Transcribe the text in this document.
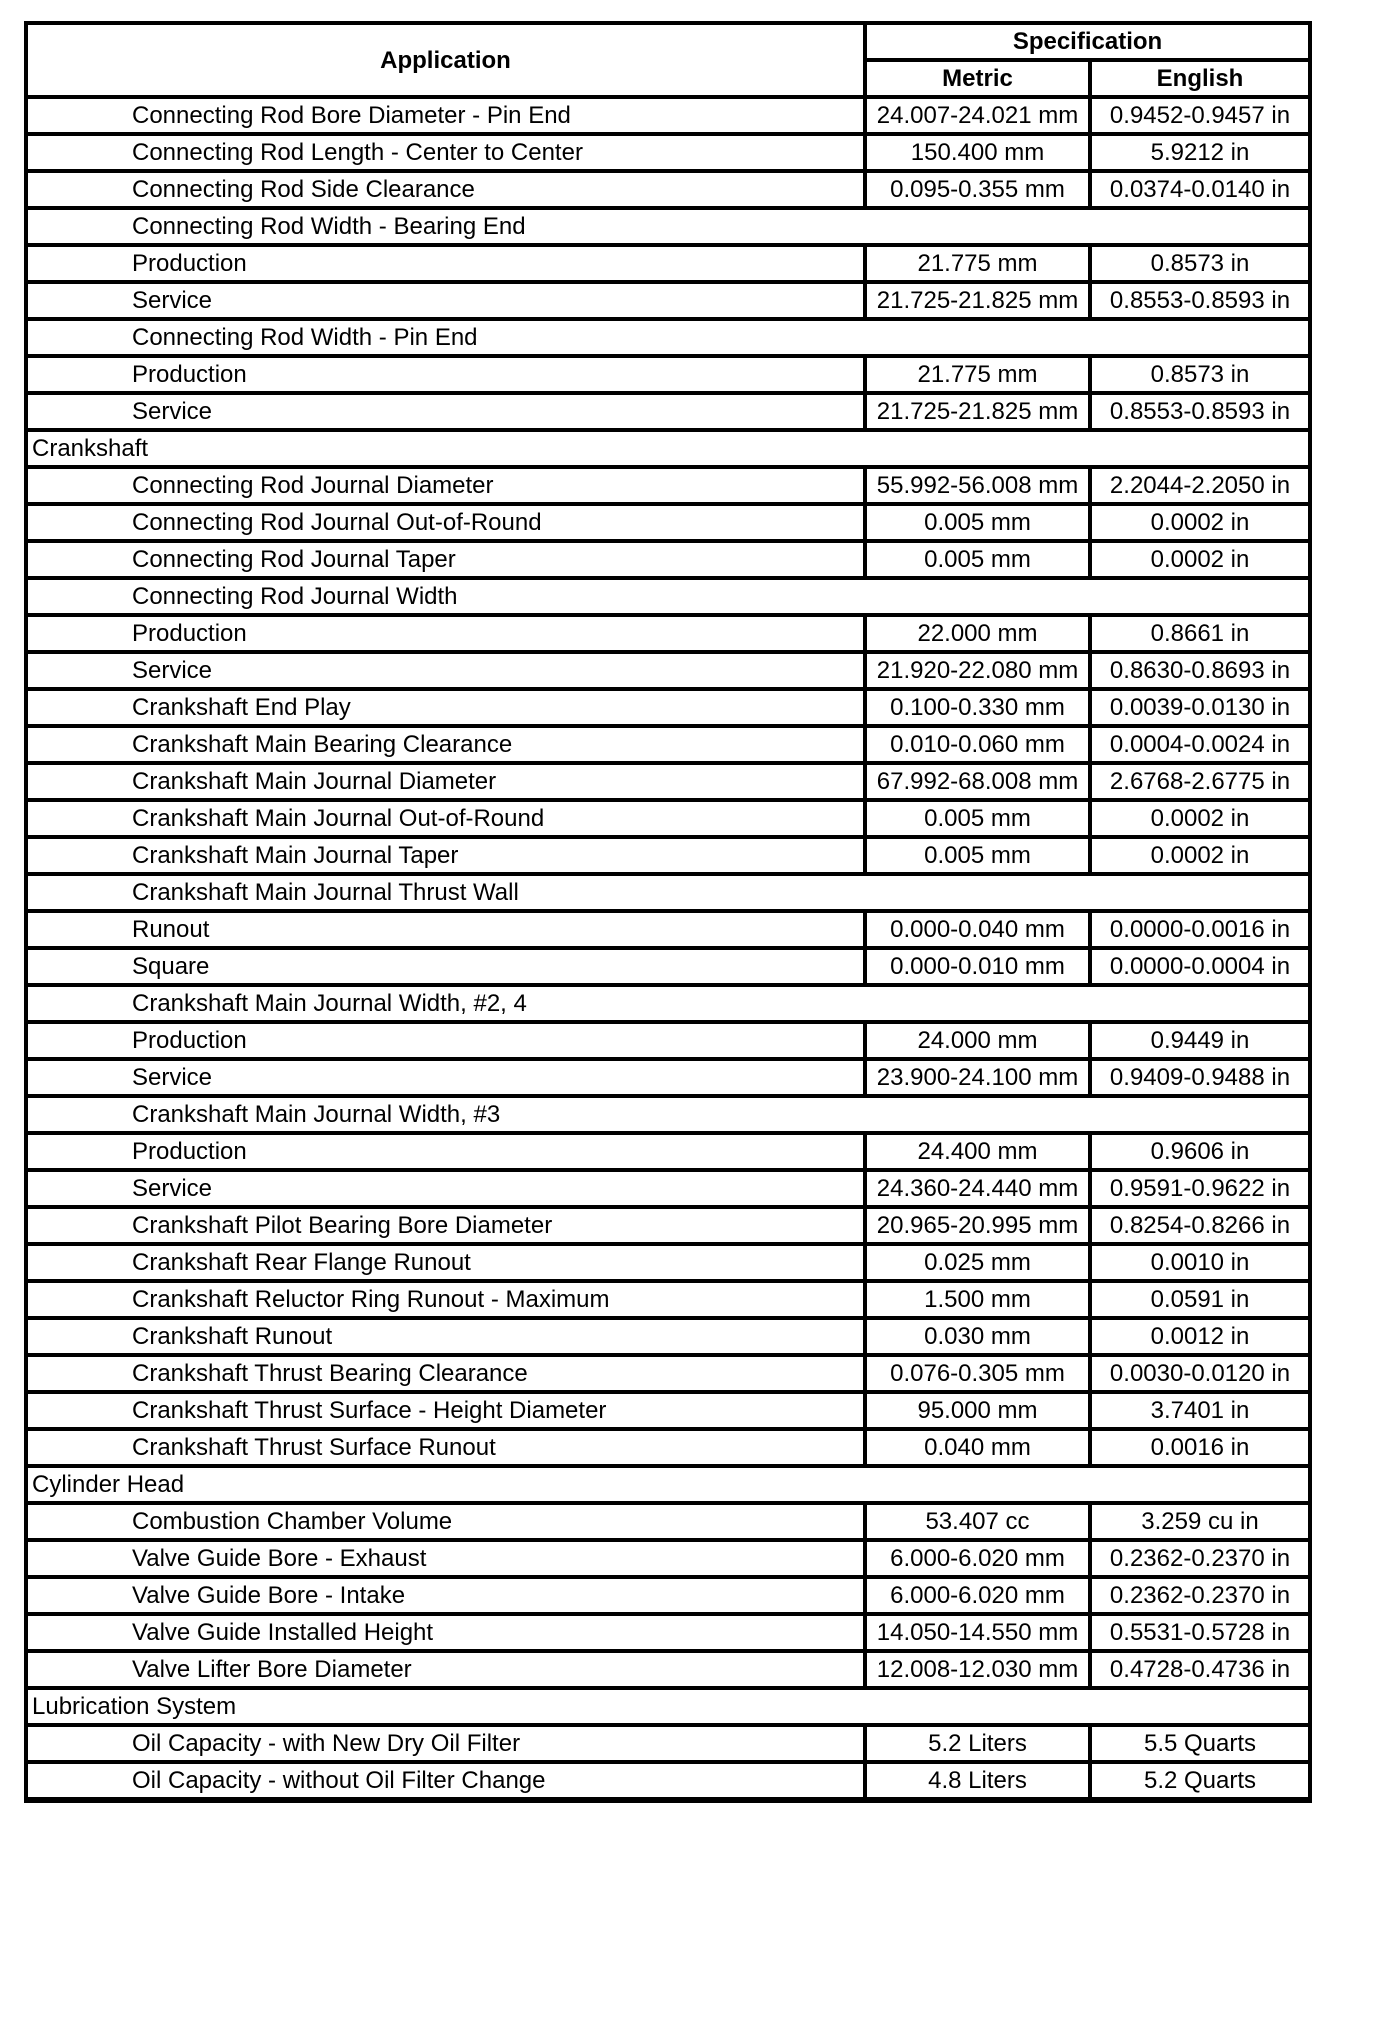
Application	Specification	
	Metric	English
Connecting Rod Bore Diameter - Pin End	24.007-24.021 mm	0.9452-0.9457 in
Connecting Rod Length - Center to Center	150.400 mm	5.9212 in
Connecting Rod Side Clearance	0.095-0.355 mm	0.0374-0.0140 in
Connecting Rod Width - Bearing End		
Production	21.775 mm	0.8573 in
Service	21.725-21.825 mm	0.8553-0.8593 in
Connecting Rod Width - Pin End		
Production	21.775 mm	0.8573 in
Service	21.725-21.825 mm	0.8553-0.8593 in
Crankshaft		
Connecting Rod Journal Diameter	55.992-56.008 mm	2.2044-2.2050 in
Connecting Rod Journal Out-of-Round	0.005 mm	0.0002 in
Connecting Rod Journal Taper	0.005 mm	0.0002 in
Connecting Rod Journal Width		
Production	22.000 mm	0.8661 in
Service	21.920-22.080 mm	0.8630-0.8693 in
Crankshaft End Play	0.100-0.330 mm	0.0039-0.0130 in
Crankshaft Main Bearing Clearance	0.010-0.060 mm	0.0004-0.0024 in
Crankshaft Main Journal Diameter	67.992-68.008 mm	2.6768-2.6775 in
Crankshaft Main Journal Out-of-Round	0.005 mm	0.0002 in
Crankshaft Main Journal Taper	0.005 mm	0.0002 in
Crankshaft Main Journal Thrust Wall		
Runout	0.000-0.040 mm	0.0000-0.0016 in
Square	0.000-0.010 mm	0.0000-0.0004 in
Crankshaft Main Journal Width, #2, 4		
Production	24.000 mm	0.9449 in
Service	23.900-24.100 mm	0.9409-0.9488 in
Crankshaft Main Journal Width, #3		
Production	24.400 mm	0.9606 in
Service	24.360-24.440 mm	0.9591-0.9622 in
Crankshaft Pilot Bearing Bore Diameter	20.965-20.995 mm	0.8254-0.8266 in
Crankshaft Rear Flange Runout	0.025 mm	0.0010 in
Crankshaft Reluctor Ring Runout - Maximum	1.500 mm	0.0591 in
Crankshaft Runout	0.030 mm	0.0012 in
Crankshaft Thrust Bearing Clearance	0.076-0.305 mm	0.0030-0.0120 in
Crankshaft Thrust Surface - Height Diameter	95.000 mm	3.7401 in
Crankshaft Thrust Surface Runout	0.040 mm	0.0016 in
Cylinder Head		
Combustion Chamber Volume	53.407 cc	3.259 cu in
Valve Guide Bore - Exhaust	6.000-6.020 mm	0.2362-0.2370 in
Valve Guide Bore - Intake	6.000-6.020 mm	0.2362-0.2370 in
Valve Guide Installed Height	14.050-14.550 mm	0.5531-0.5728 in
Valve Lifter Bore Diameter	12.008-12.030 mm	0.4728-0.4736 in
Lubrication System		
Oil Capacity - with New Dry Oil Filter	5.2 Liters	5.5 Quarts
Oil Capacity - without Oil Filter Change	4.8 Liters	5.2 Quarts
